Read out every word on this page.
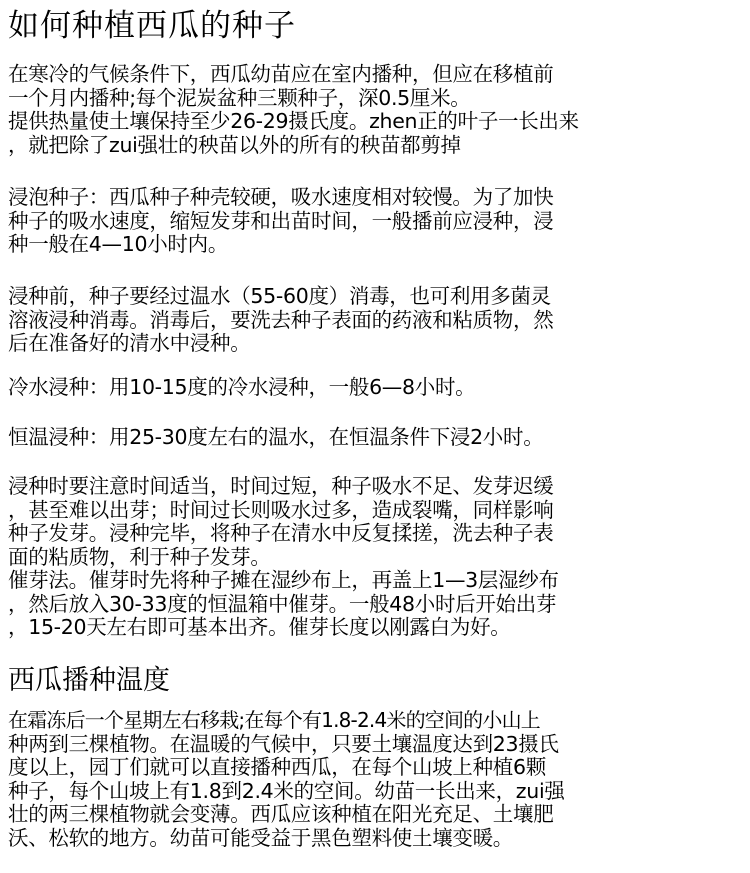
如何种植西瓜的种子
在寒冷的气候条件下，西瓜幼苗应在室内播种，但应在移植前
一个月内播种;每个泥炭盆种三颗种子，深0.5厘米。
提供热量使土壤保持至少26-29摄氏度。zhen正的叶子一长出来
，就把除了zui强壮的秧苗以外的所有的秧苗都剪掉
浸泡种子：西瓜种子种壳较硬，吸水速度相对较慢。为了加快
种子的吸水速度，缩短发芽和出苗时间，一般播前应浸种，浸
种一般在4—10小时内。
浸种前，种子要经过温水（55-60度）消毒，也可利用多菌灵
溶液浸种消毒。消毒后，要洗去种子表面的药液和粘质物，然
后在准备好的清水中浸种。
冷水浸种：用10-15度的冷水浸种，一般6—8小时。
恒温浸种：用25-30度左右的温水，在恒温条件下浸2小时。
浸种时要注意时间适当，时间过短，种子吸水不足、发芽迟缓
，甚至难以出芽；时间过长则吸水过多，造成裂嘴，同样影响
种子发芽。浸种完毕，将种子在清水中反复揉搓，洗去种子表
面的粘质物，利于种子发芽。
催芽法。催芽时先将种子摊在湿纱布上，再盖上1—3层湿纱布
，然后放入30-33度的恒温箱中催芽。一般48小时后开始出芽
，15-20天左右即可基本出齐。催芽长度以刚露白为好。
西瓜播种温度
在霜冻后一个星期左右移栽;在每个有1.8-2.4米的空间的小山上
种两到三棵植物。在温暖的气候中，只要土壤温度达到23摄氏
度以上，园丁们就可以直接播种西瓜，在每个山坡上种植6颗
种子，每个山坡上有1.8到2.4米的空间。幼苗一长出来，zui强
壮的两三棵植物就会变薄。西瓜应该种植在阳光充足、土壤肥
沃、松软的地方。幼苗可能受益于黑色塑料使土壤变暖。
